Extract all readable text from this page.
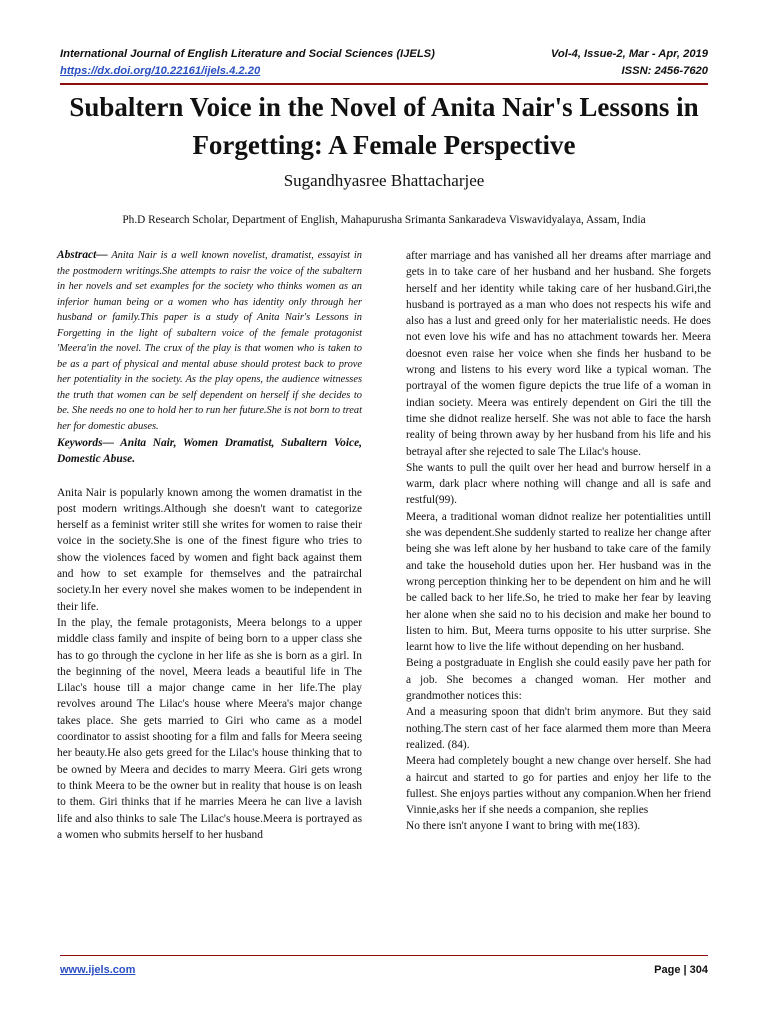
International Journal of English Literature and Social Sciences (IJELS)	Vol-4, Issue-2, Mar - Apr, 2019
https://dx.doi.org/10.22161/ijels.4.2.20	ISSN: 2456-7620
Subaltern Voice in the Novel of Anita Nair's Lessons in Forgetting: A Female Perspective
Sugandhyasree Bhattacharjee
Ph.D Research Scholar, Department of English, Mahapurusha Srimanta Sankaradeva Viswavidyalaya, Assam, India

Abstract— Anita Nair is a well known novelist, dramatist, essayist in the postmodern writings.She attempts to raisr the voice of the subaltern in her novels and set examples for the society who thinks women as an inferior human being or a women who has identity only through her husband or family.This paper is a study of Anita Nair's Lessons in Forgetting in the light of subaltern voice of the female protagonist 'Meera'in the novel. The crux of the play is that women who is taken to be as a part of physical and mental abuse should protest back to prove her potentiality in the society. As the play opens, the audience witnesses the truth that women can be self dependent on herself if she decides to be. She needs no one to hold her to run her future.She is not born to treat her for domestic abuses.

Keywords— Anita Nair, Women Dramatist, Subaltern Voice, Domestic Abuse.

Anita Nair is popularly known among the women dramatist in the post modern writings.Although she doesn't want to categorize herself as a feminist writer still she writes for women to raise their voice in the society.She is one of the finest figure who tries to show the violences faced by women and fight back against them and how to set example for themselves and the patrairchal society.In her every novel she makes women to be independent in their life.

In the play, the female protagonists, Meera belongs to a upper middle class family and inspite of being born to a upper class she has to go through the cyclone in her life as she is born as a girl. In the beginning of the novel, Meera leads a beautiful life in The Lilac's house till a major change came in her life.The play revolves around The Lilac's house where Meera's major change takes place. She gets married to Giri who came as a model coordinator to assist shooting for a film and falls for Meera seeing her beauty.He also gets greed for the Lilac's house thinking that to be owned by Meera and decides to marry Meera. Giri gets wrong to think Meera to be the owner but in reality that house is on leash to them. Giri thinks that if he marries Meera he can live a lavish life and also thinks to sale The Lilac's house.Meera is portrayed as a women who submits herself to her husband

after marriage and has vanished all her dreams after marriage and gets in to take care of her husband and her husband. She forgets herself and her identity while taking care of her husband.Giri,the husband is portrayed as a man who does not respects his wife and also has a lust and greed only for her materialistic needs. He does not even love his wife and has no attachment towards her. Meera doesnot even raise her voice when she finds her husband to be wrong and listens to his every word like a typical woman. The portrayal of the women figure depicts the true life of a woman in indian society. Meera was entirely dependent on Giri the till the time she didnot realize herself. She was not able to face the harsh reality of being thrown away by her husband from his life and his betrayal after she rejected to sale The Lilac's house.

She wants to pull the quilt over her head and burrow herself in a warm, dark placr where nothing will change and all is safe and restful(99).

Meera, a traditional woman didnot realize her potentialities untill she was dependent.She suddenly started to realize her change after being she was left alone by her husband to take care of the family and take the household duties upon her. Her husband was in the wrong perception thinking her to be dependent on him and he will be called back to her life.So, he tried to make her fear by leaving her alone when she said no to his decision and make her bound to listen to him. But, Meera turns opposite to his utter surprise. She learnt how to live the life without depending on her husband.

Being a postgraduate in English she could easily pave her path for a job. She becomes a changed woman. Her mother and grandmother notices this:

And a measuring spoon that didn't brim anymore. But they said nothing.The stern cast of her face alarmed them more than Meera realized. (84).

Meera had completely bought a new change over herself. She had a haircut and started to go for parties and enjoy her life to the fullest. She enjoys parties without any companion.When her friend Vinnie,asks her if she needs a companion, she replies

No there isn't anyone I want to bring with me(183).

www.ijels.com	Page | 304
